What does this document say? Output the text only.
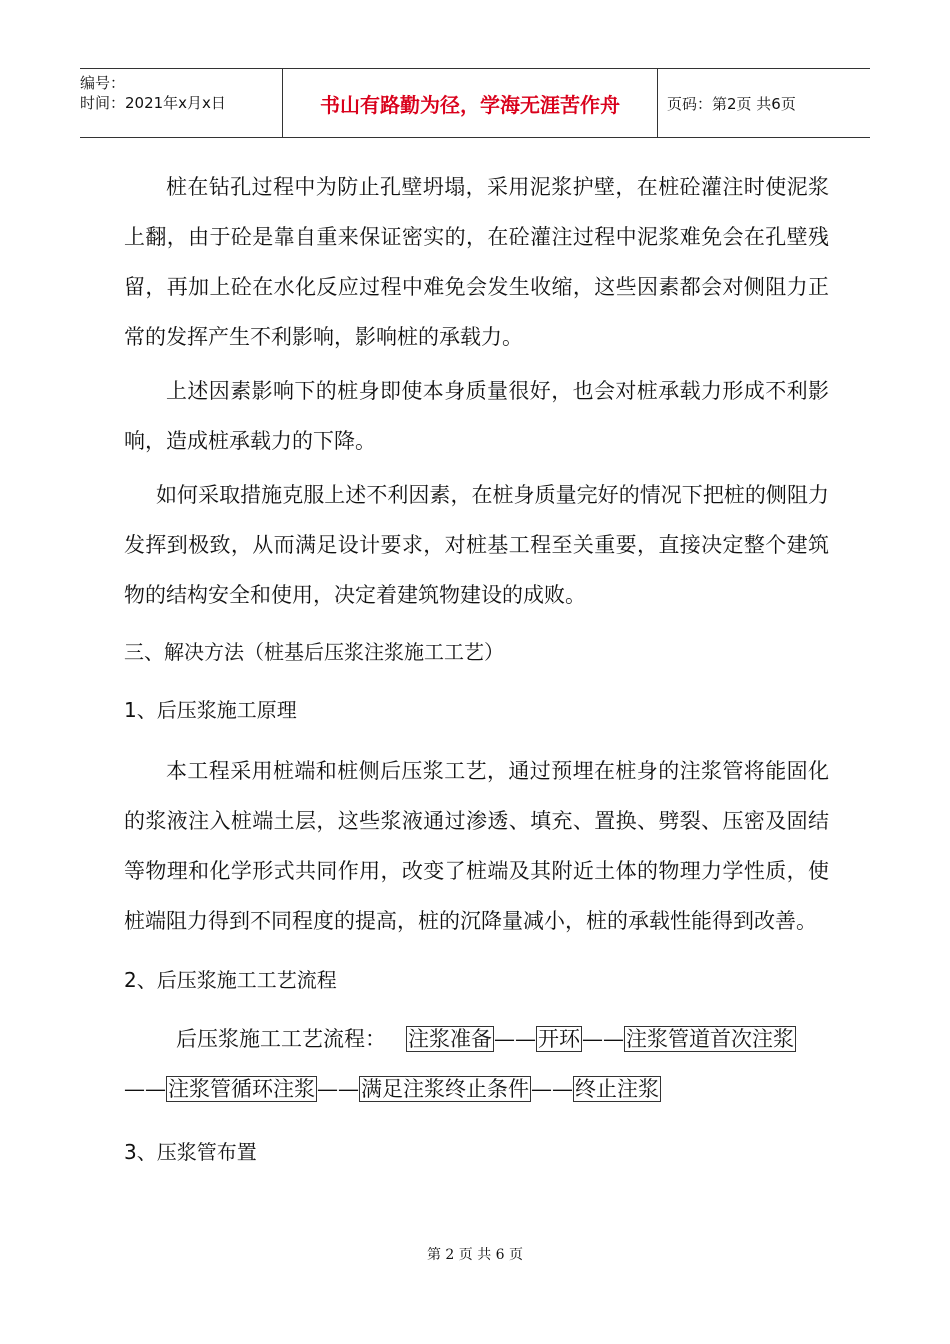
编号：
时间：2021年x月x日	书山有路勤为径，学海无涯苦作舟	页码：第2页 共6页

桩在钻孔过程中为防止孔壁坍塌，采用泥浆护壁，在桩砼灌注时使泥浆上翻，由于砼是靠自重来保证密实的，在砼灌注过程中泥浆难免会在孔壁残留，再加上砼在水化反应过程中难免会发生收缩，这些因素都会对侧阻力正常的发挥产生不利影响，影响桩的承载力。

上述因素影响下的桩身即使本身质量很好，也会对桩承载力形成不利影响，造成桩承载力的下降。

如何采取措施克服上述不利因素，在桩身质量完好的情况下把桩的侧阻力发挥到极致，从而满足设计要求，对桩基工程至关重要，直接决定整个建筑物的结构安全和使用，决定着建筑物建设的成败。

三、解决方法（桩基后压浆注浆施工工艺）

1、后压浆施工原理

本工程采用桩端和桩侧后压浆工艺，通过预埋在桩身的注浆管将能固化的浆液注入桩端土层，这些浆液通过渗透、填充、置换、劈裂、压密及固结等物理和化学形式共同作用，改变了桩端及其附近土体的物理力学性质，使桩端阻力得到不同程度的提高，桩的沉降量减小，桩的承载性能得到改善。

2、后压浆施工工艺流程

后压浆施工工艺流程： 注浆准备——开环——注浆管道首次注浆
——注浆管循环注浆——满足注浆终止条件——终止注浆

3、压浆管布置

第 2 页 共 6 页
